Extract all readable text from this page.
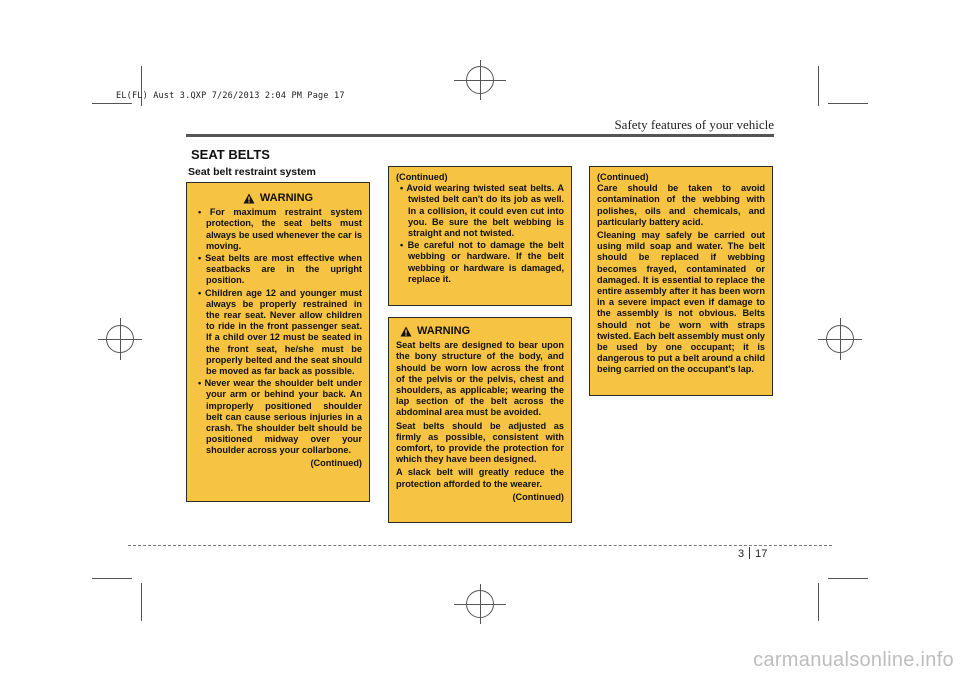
EL(FL) Aust 3.QXP 7/26/2013 2:04 PM Page 17
Safety features of your vehicle
SEAT BELTS
Seat belt restraint system
WARNING
• For maximum restraint system protection, the seat belts must always be used whenever the car is moving.
• Seat belts are most effective when seatbacks are in the upright position.
• Children age 12 and younger must always be properly restrained in the rear seat. Never allow children to ride in the front passenger seat. If a child over 12 must be seated in the front seat, he/she must be properly belted and the seat should be moved as far back as possible.
• Never wear the shoulder belt under your arm or behind your back. An improperly positioned shoulder belt can cause serious injuries in a crash. The shoulder belt should be positioned midway over your shoulder across your collarbone.
(Continued)
(Continued)
• Avoid wearing twisted seat belts. A twisted belt can't do its job as well. In a collision, it could even cut into you. Be sure the belt webbing is straight and not twisted.
• Be careful not to damage the belt webbing or hardware. If the belt webbing or hardware is damaged, replace it.
WARNING

Seat belts are designed to bear upon the bony structure of the body, and should be worn low across the front of the pelvis or the pelvis, chest and shoulders, as applicable; wearing the lap section of the belt across the abdominal area must be avoided.

Seat belts should be adjusted as firmly as possible, consistent with comfort, to provide the protection for which they have been designed.

A slack belt will greatly reduce the protection afforded to the wearer.

(Continued)
(Continued)

Care should be taken to avoid contamination of the webbing with polishes, oils and chemicals, and particularly battery acid.

Cleaning may safely be carried out using mild soap and water. The belt should be replaced if webbing becomes frayed, contaminated or damaged. It is essential to replace the entire assembly after it has been worn in a severe impact even if damage to the assembly is not obvious. Belts should not be worn with straps twisted. Each belt assembly must only be used by one occupant; it is dangerous to put a belt around a child being carried on the occupant's lap.

3 17
carmanualsonline.info
